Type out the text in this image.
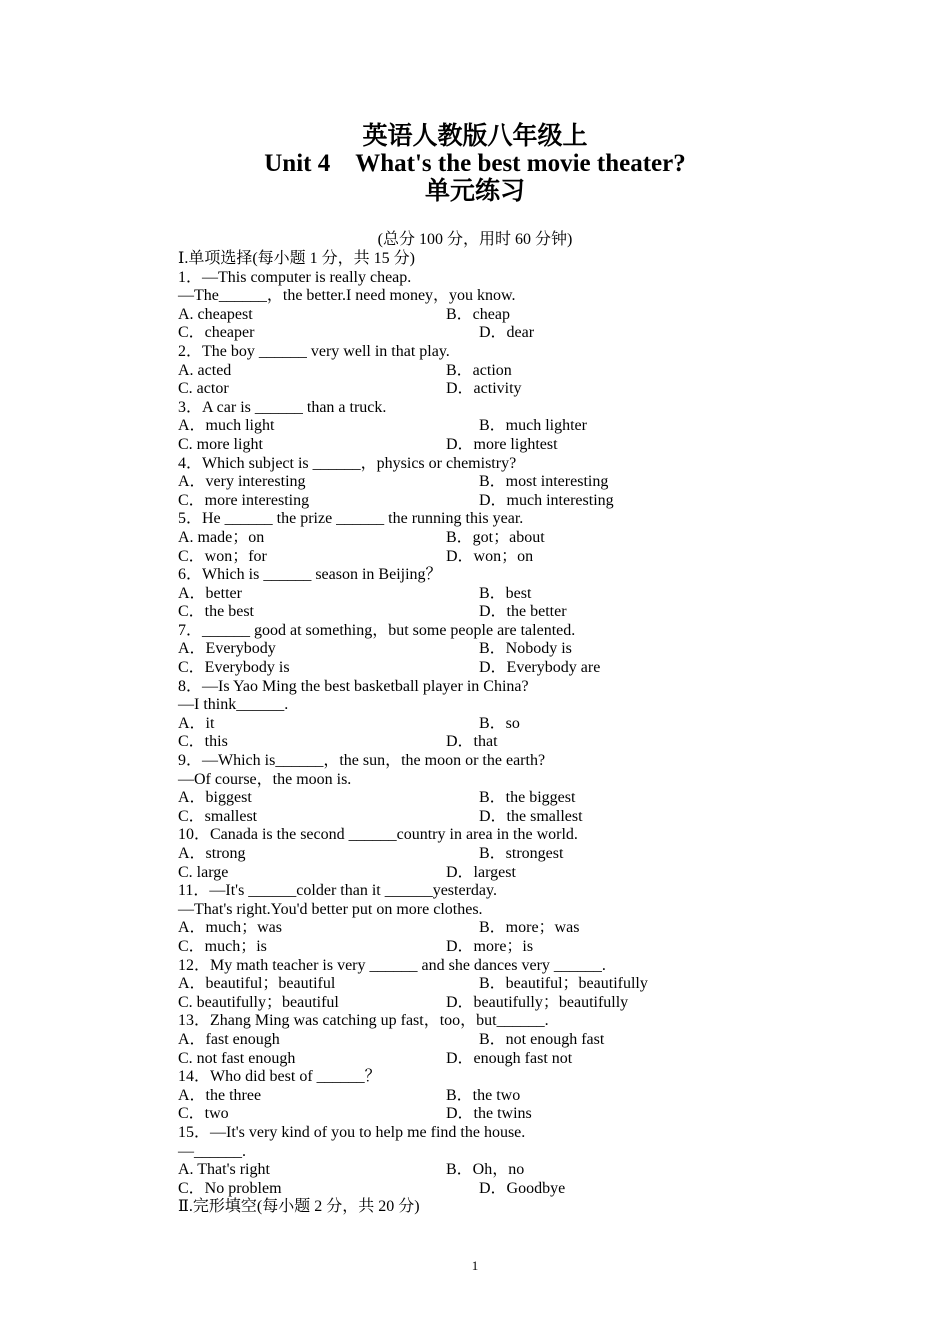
英语人教版八年级上
Unit 4　What's the best movie theater?
单元练习
(总分 100 分，用时 60 分钟)
Ⅰ.单项选择(每小题 1 分，共 15 分)
1．—This computer is really cheap.
—The______，the better.I need money，you know.
A. cheapest	B．cheap
C．cheaper	D．dear
2．The boy ______ very well in that play.
A. acted	B．action
C. actor	D．activity
3．A car is ______ than a truck.
A．much light	B．much lighter
C. more light	D．more lightest
4．Which subject is ______，physics or chemistry?
A．very interesting	B．most interesting
C．more interesting	D．much interesting
5．He ______ the prize ______ the running this year.
A. made；on	B．got；about
C．won；for	D．won；on
6．Which is ______ season in Beijing？
A．better	B．best
C．the best	D．the better
7．______ good at something，but some people are talented.
A．Everybody	B．Nobody is
C．Everybody is	D．Everybody are
8．—Is Yao Ming the best basketball player in China?
—I think______.
A．it	B．so
C．this	D．that
9．—Which is______，the sun，the moon or the earth?
—Of course，the moon is.
A．biggest	B．the biggest
C．smallest	D．the smallest
10．Canada is the second ______country in area in the world.
A．strong	B．strongest
C. large	D．largest
11．—It's ______colder than it ______yesterday.
—That's right.You'd better put on more clothes.
A．much；was	B．more；was
C．much；is	D．more；is
12．My math teacher is very ______ and she dances very ______.
A．beautiful；beautiful	B．beautiful；beautifully
C. beautifully；beautiful	D．beautifully；beautifully
13．Zhang Ming was catching up fast，too，but______.
A．fast enough	B．not enough fast
C. not fast enough	D．enough fast not
14．Who did best of ______？
A．the three	B．the two
C．two	D．the twins
15．—It's very kind of you to help me find the house.
—______.
A. That's right	B．Oh，no
C．No problem	D．Goodbye
Ⅱ.完形填空(每小题 2 分，共 20 分)
1
